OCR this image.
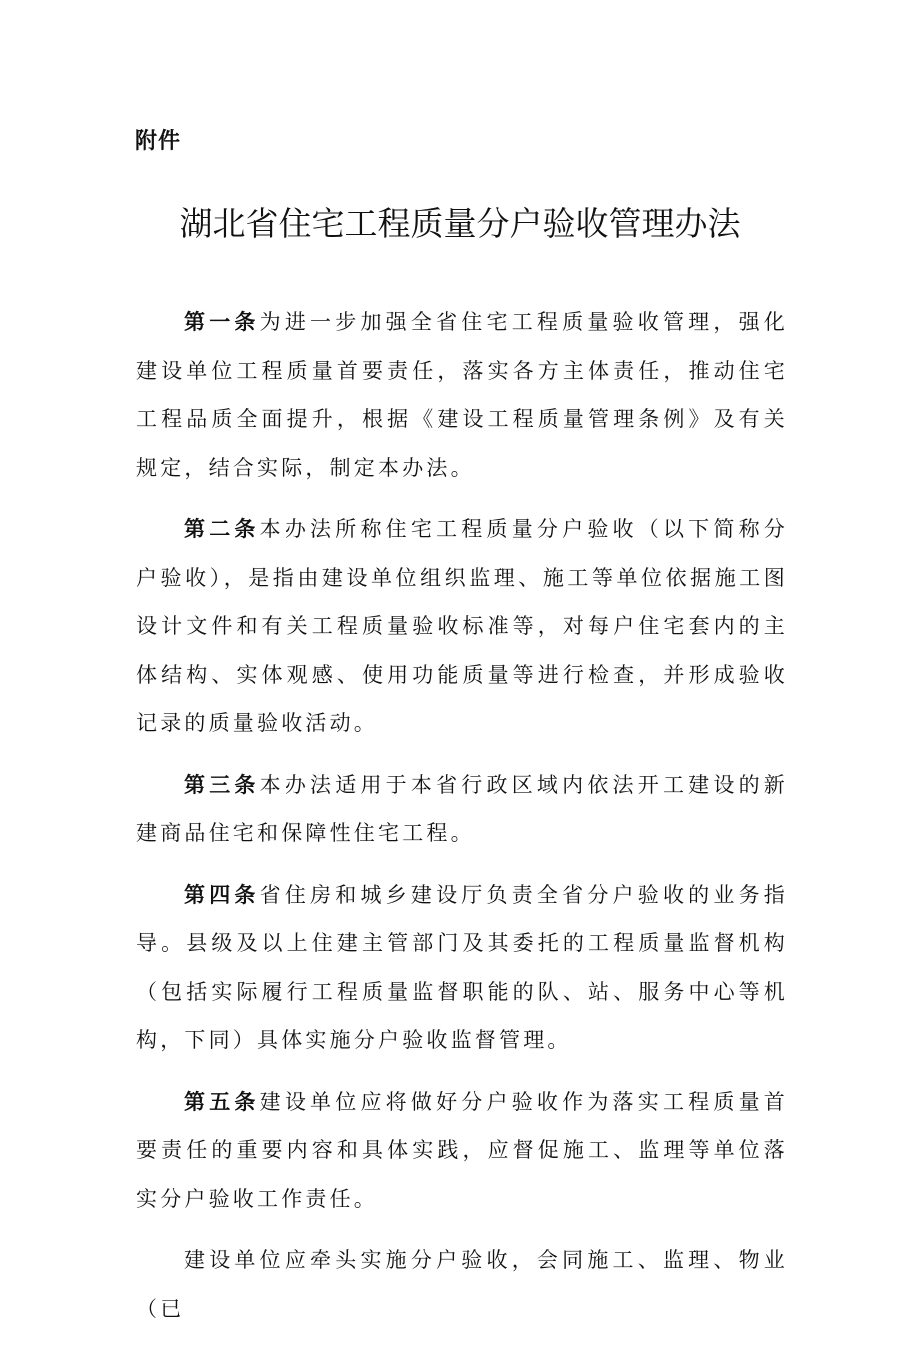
附件
湖北省住宅工程质量分户验收管理办法

第一条为进一步加强全省住宅工程质量验收管理，强化建设单位工程质量首要责任，落实各方主体责任，推动住宅工程品质全面提升，根据《建设工程质量管理条例》及有关规定，结合实际，制定本办法。

第二条本办法所称住宅工程质量分户验收（以下简称分户验收），是指由建设单位组织监理、施工等单位依据施工图设计文件和有关工程质量验收标准等，对每户住宅套内的主体结构、实体观感、使用功能质量等进行检查，并形成验收记录的质量验收活动。

第三条本办法适用于本省行政区域内依法开工建设的新建商品住宅和保障性住宅工程。

第四条省住房和城乡建设厅负责全省分户验收的业务指导。县级及以上住建主管部门及其委托的工程质量监督机构（包括实际履行工程质量监督职能的队、站、服务中心等机构，下同）具体实施分户验收监督管理。

第五条建设单位应将做好分户验收作为落实工程质量首要责任的重要内容和具体实践，应督促施工、监理等单位落实分户验收工作责任。

建设单位应牵头实施分户验收，会同施工、监理、物业（已
